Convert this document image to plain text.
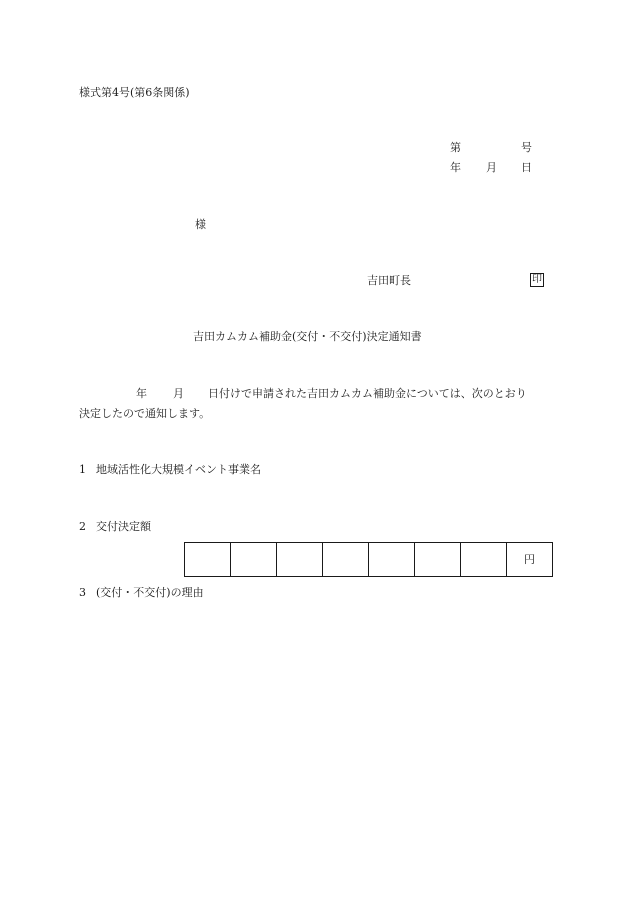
様式第4号(第6条関係)
第	号
年 月 日
様
吉田町長	印
吉田カムカム補助金(交付・不交付)決定通知書
年 月 日付けで申請された吉田カムカム補助金については、次のとおり
決定したので通知します。
1 地域活性化大規模イベント事業名
2 交付決定額
							円
3 (交付・不交付)の理由
